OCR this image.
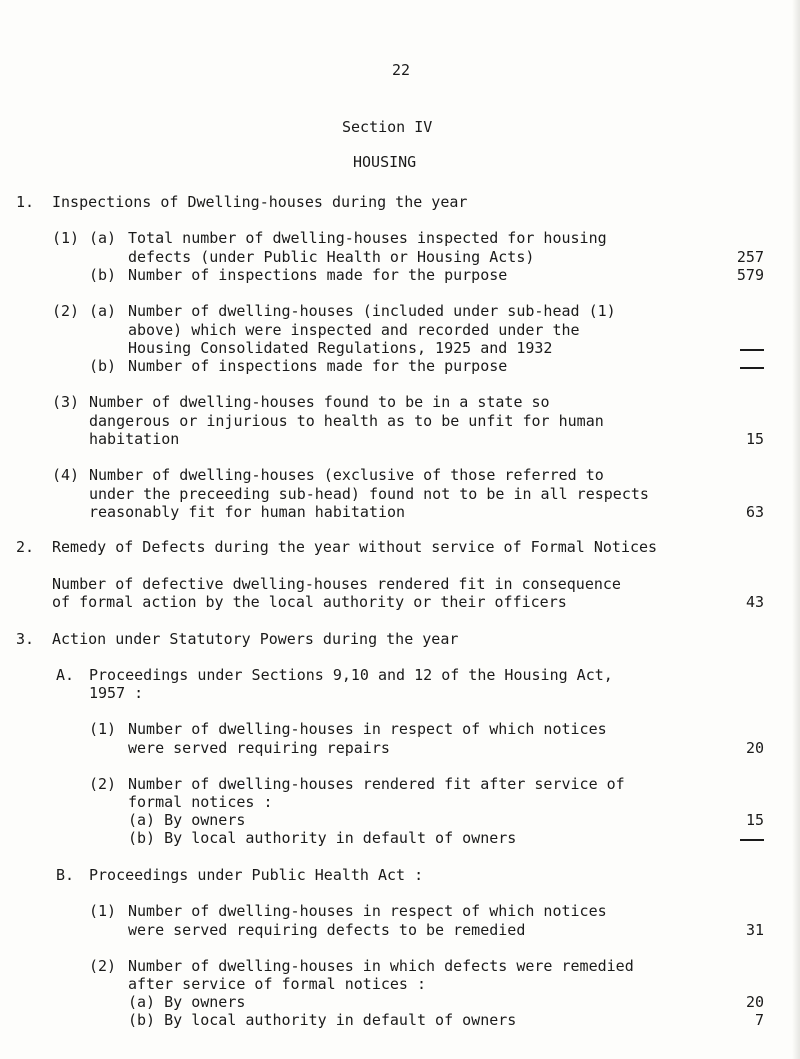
22
Section IV
HOUSING
1. Inspections of Dwelling-houses during the year
(1) (a) Total number of dwelling-houses inspected for housing
defects (under Public Health or Housing Acts)	257
(b) Number of inspections made for the purpose	579
(2) (a) Number of dwelling-houses (included under sub-head (1)
above) which were inspected and recorded under the
Housing Consolidated Regulations, 1925 and 1932
(b) Number of inspections made for the purpose
(3) Number of dwelling-houses found to be in a state so
dangerous or injurious to health as to be unfit for human
habitation	15
(4) Number of dwelling-houses (exclusive of those referred to
under the preceeding sub-head) found not to be in all respects
reasonably fit for human habitation	63
2. Remedy of Defects during the year without service of Formal Notices
Number of defective dwelling-houses rendered fit in consequence
of formal action by the local authority or their officers	43
3. Action under Statutory Powers during the year
A. Proceedings under Sections 9,10 and 12 of the Housing Act,
1957 :
(1) Number of dwelling-houses in respect of which notices
were served requiring repairs	20
(2) Number of dwelling-houses rendered fit after service of
formal notices :
(a) By owners	15
(b) By local authority in default of owners
B. Proceedings under Public Health Act :
(1) Number of dwelling-houses in respect of which notices
were served requiring defects to be remedied	31
(2) Number of dwelling-houses in which defects were remedied
after service of formal notices :
(a) By owners	20
(b) By local authority in default of owners	7
